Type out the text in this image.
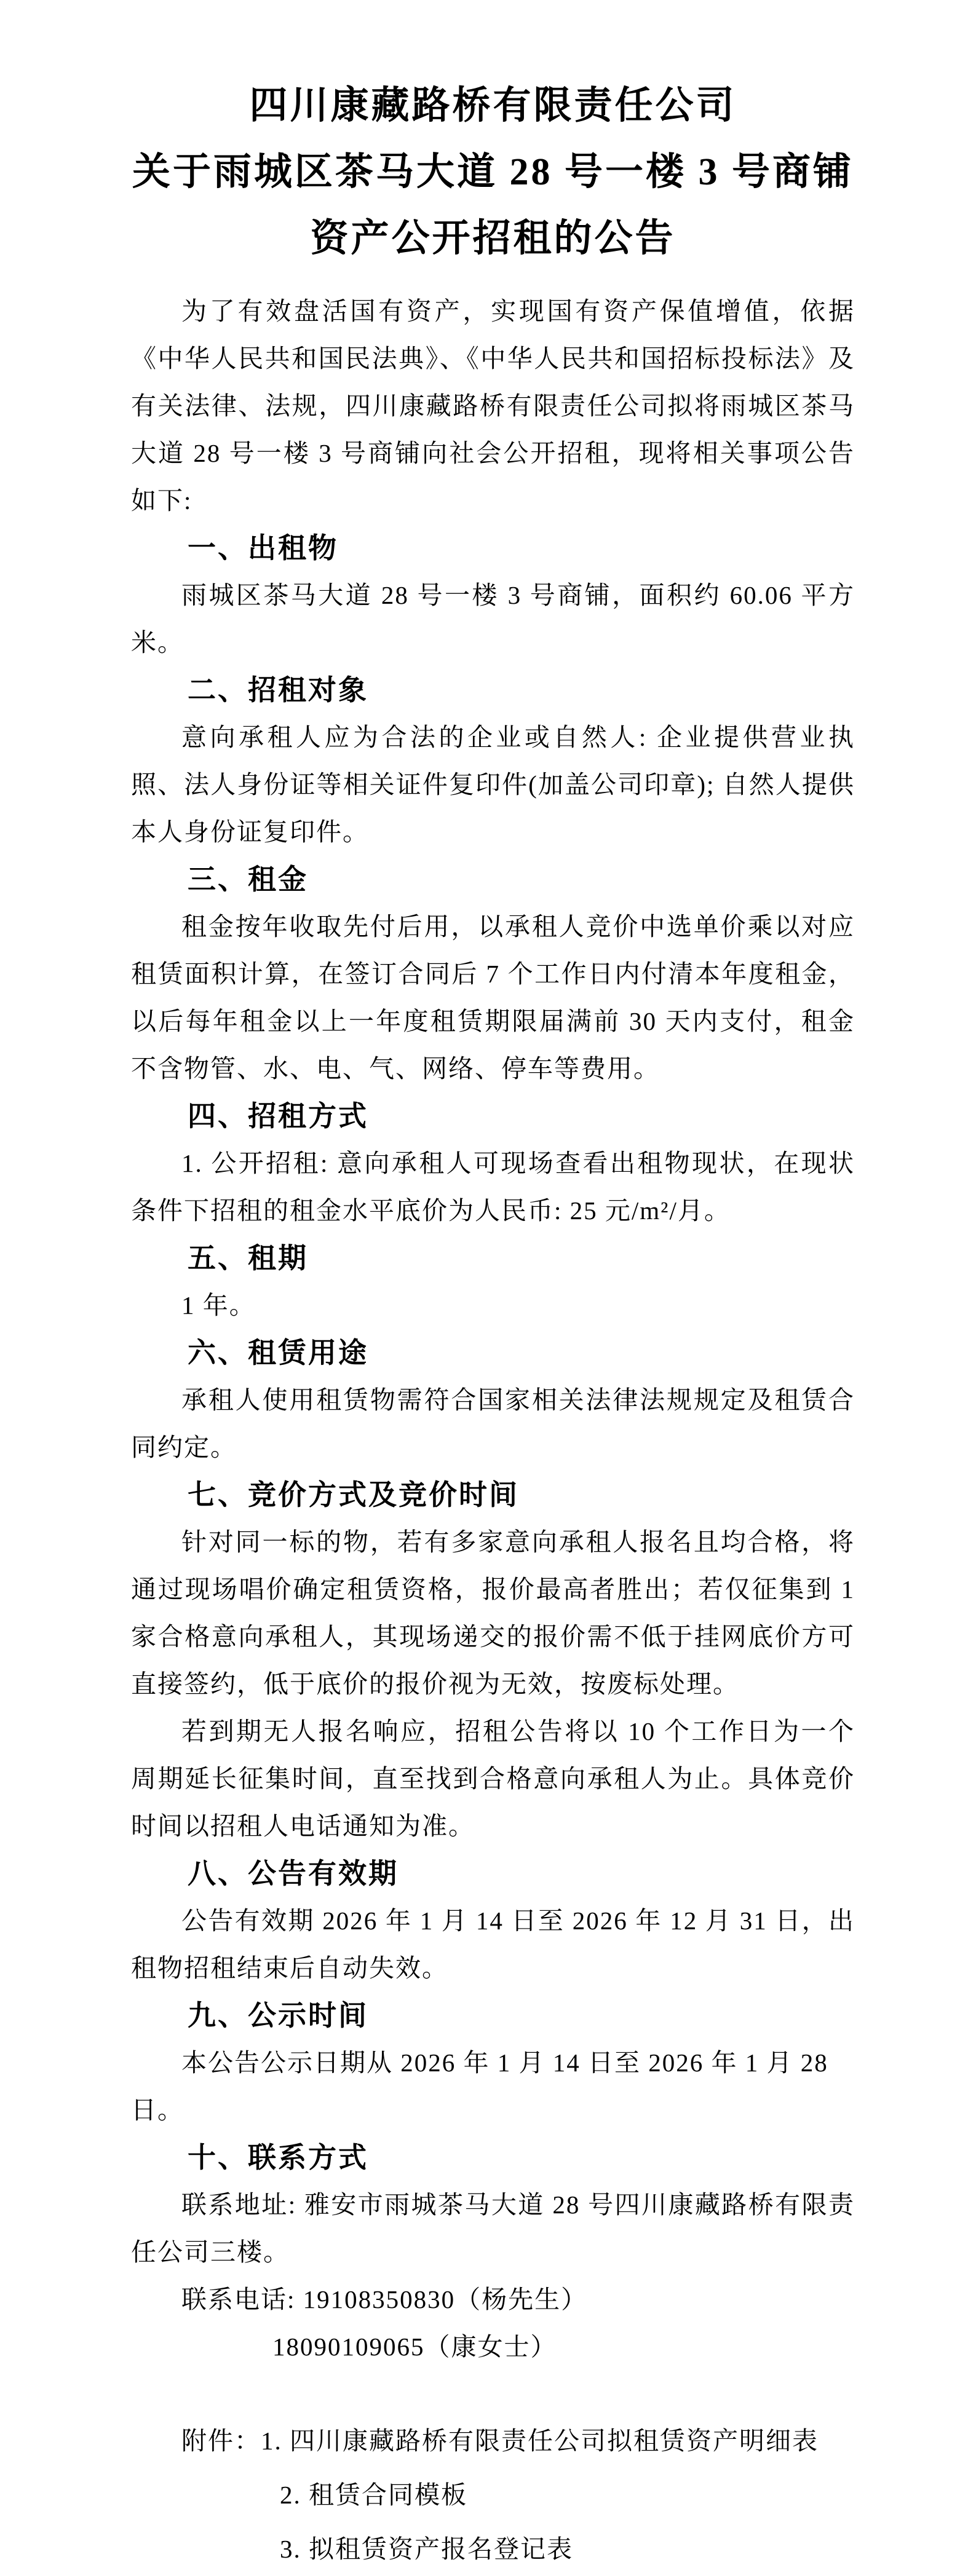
四川康藏路桥有限责任公司
关于雨城区茶马大道 28 号一楼 3 号商铺
资产公开招租的公告

为了有效盘活国有资产，实现国有资产保值增值，依据《中华人民共和国民法典》、《中华人民共和国招标投标法》及有关法律、法规，四川康藏路桥有限责任公司拟将雨城区茶马大道 28 号一楼 3 号商铺向社会公开招租，现将相关事项公告如下:

一、出租物

雨城区茶马大道 28 号一楼 3 号商铺，面积约 60.06 平方米。

二、招租对象

意向承租人应为合法的企业或自然人: 企业提供营业执照、法人身份证等相关证件复印件(加盖公司印章); 自然人提供本人身份证复印件。

三、租金

租金按年收取先付后用，以承租人竞价中选单价乘以对应租赁面积计算，在签订合同后 7 个工作日内付清本年度租金，以后每年租金以上一年度租赁期限届满前 30 天内支付，租金不含物管、水、电、气、网络、停车等费用。

四、招租方式

1. 公开招租: 意向承租人可现场查看出租物现状，在现状条件下招租的租金水平底价为人民币: 25 元/m²/月。

五、租期

1 年。

六、租赁用途

承租人使用租赁物需符合国家相关法律法规规定及租赁合同约定。

七、竞价方式及竞价时间

针对同一标的物，若有多家意向承租人报名且均合格，将通过现场唱价确定租赁资格，报价最高者胜出；若仅征集到 1 家合格意向承租人，其现场递交的报价需不低于挂网底价方可直接签约，低于底价的报价视为无效，按废标处理。

若到期无人报名响应，招租公告将以 10 个工作日为一个周期延长征集时间，直至找到合格意向承租人为止。具体竞价时间以招租人电话通知为准。

八、公告有效期

公告有效期 2026 年 1 月 14 日至 2026 年 12 月 31 日，出租物招租结束后自动失效。

九、公示时间

本公告公示日期从 2026 年 1 月 14 日至 2026 年 1 月 28 日。

十、联系方式

联系地址: 雅安市雨城茶马大道 28 号四川康藏路桥有限责任公司三楼。

联系电话: 19108350830（杨先生）

18090109065（康女士）

附件：1. 四川康藏路桥有限责任公司拟租赁资产明细表

2. 租赁合同模板

3. 拟租赁资产报名登记表
